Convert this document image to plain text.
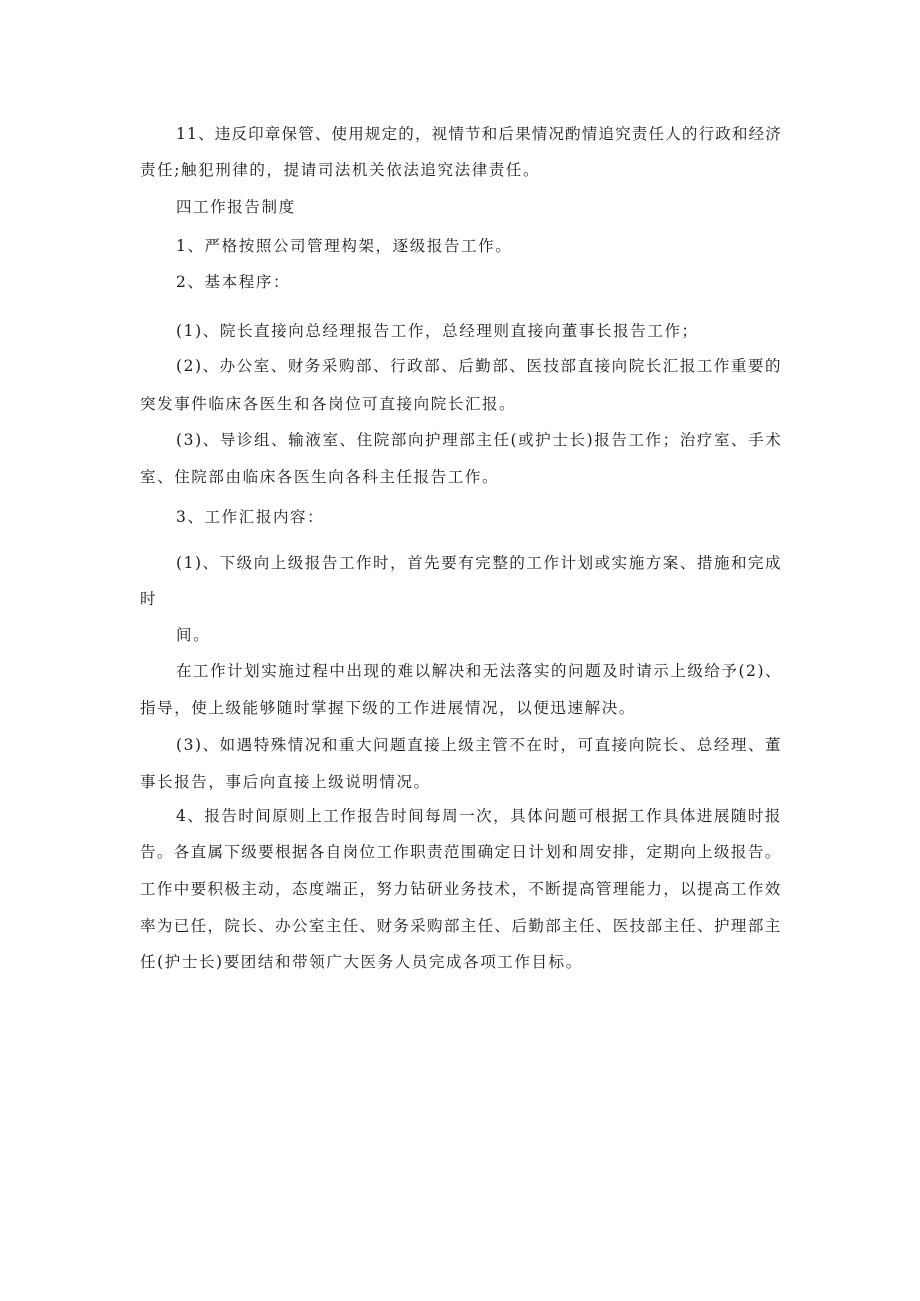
11、违反印章保管、使用规定的，视情节和后果情况酌情追究责任人的行政和经济
责任;触犯刑律的，提请司法机关依法追究法律责任。
四工作报告制度
1、严格按照公司管理构架，逐级报告工作。
2、基本程序：
(1)、院长直接向总经理报告工作，总经理则直接向董事长报告工作；
(2)、办公室、财务采购部、行政部、后勤部、医技部直接向院长汇报工作重要的
突发事件临床各医生和各岗位可直接向院长汇报。
(3)、导诊组、输液室、住院部向护理部主任(或护士长)报告工作；治疗室、手术
室、住院部由临床各医生向各科主任报告工作。
3、工作汇报内容：
(1)、下级向上级报告工作时，首先要有完整的工作计划或实施方案、措施和完成
时
间。
在工作计划实施过程中出现的难以解决和无法落实的问题及时请示上级给予(2)、
指导，使上级能够随时掌握下级的工作进展情况，以便迅速解决。
(3)、如遇特殊情况和重大问题直接上级主管不在时，可直接向院长、总经理、董
事长报告，事后向直接上级说明情况。
4、报告时间原则上工作报告时间每周一次，具体问题可根据工作具体进展随时报
告。各直属下级要根据各自岗位工作职责范围确定日计划和周安排，定期向上级报告。
工作中要积极主动，态度端正，努力钻研业务技术，不断提高管理能力，以提高工作效
率为已任，院长、办公室主任、财务采购部主任、后勤部主任、医技部主任、护理部主
任(护士长)要团结和带领广大医务人员完成各项工作目标。
